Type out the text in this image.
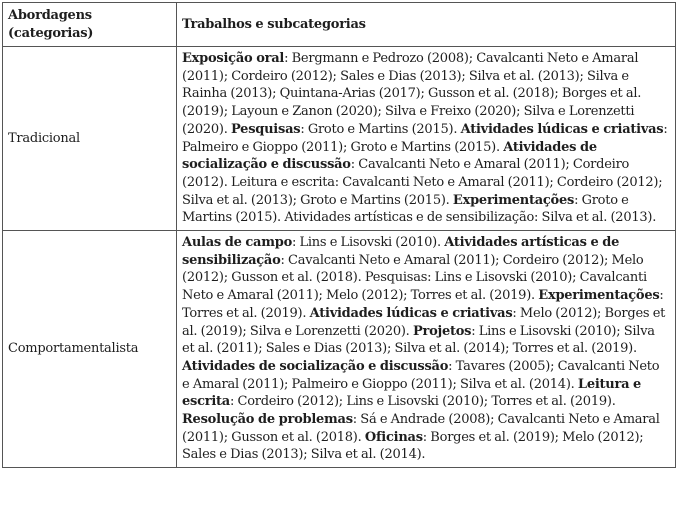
Abordagens (categorias)	Trabalhos e subcategorias
Tradicional	Exposição oral: Bergmann e Pedrozo (2008); Cavalcanti Neto e Amaral (2011); Cordeiro (2012); Sales e Dias (2013); Silva et al. (2013); Silva e Rainha (2013); Quintana-Arias (2017); Gusson et al. (2018); Borges et al. (2019); Layoun e Zanon (2020); Silva e Freixo (2020); Silva e Lorenzetti (2020). Pesquisas: Groto e Martins (2015). Atividades lúdicas e criativas: Palmeiro e Gioppo (2011); Groto e Martins (2015). Atividades de socialização e discussão: Cavalcanti Neto e Amaral (2011); Cordeiro (2012). Leitura e escrita: Cavalcanti Neto e Amaral (2011); Cordeiro (2012); Silva et al. (2013); Groto e Martins (2015). Experimentações: Groto e Martins (2015). Atividades artísticas e de sensibilização: Silva et al. (2013).
Comportamentalista	Aulas de campo: Lins e Lisovski (2010). Atividades artísticas e de sensibilização: Cavalcanti Neto e Amaral (2011); Cordeiro (2012); Melo (2012); Gusson et al. (2018). Pesquisas: Lins e Lisovski (2010); Cavalcanti Neto e Amaral (2011); Melo (2012); Torres et al. (2019). Experimentações: Torres et al. (2019). Atividades lúdicas e criativas: Melo (2012); Borges et al. (2019); Silva e Lorenzetti (2020). Projetos: Lins e Lisovski (2010); Silva et al. (2011); Sales e Dias (2013); Silva et al. (2014); Torres et al. (2019). Atividades de socialização e discussão: Tavares (2005); Cavalcanti Neto e Amaral (2011); Palmeiro e Gioppo (2011); Silva et al. (2014). Leitura e escrita: Cordeiro (2012); Lins e Lisovski (2010); Torres et al. (2019). Resolução de problemas: Sá e Andrade (2008); Cavalcanti Neto e Amaral (2011); Gusson et al. (2018). Oficinas: Borges et al. (2019); Melo (2012); Sales e Dias (2013); Silva et al. (2014).
